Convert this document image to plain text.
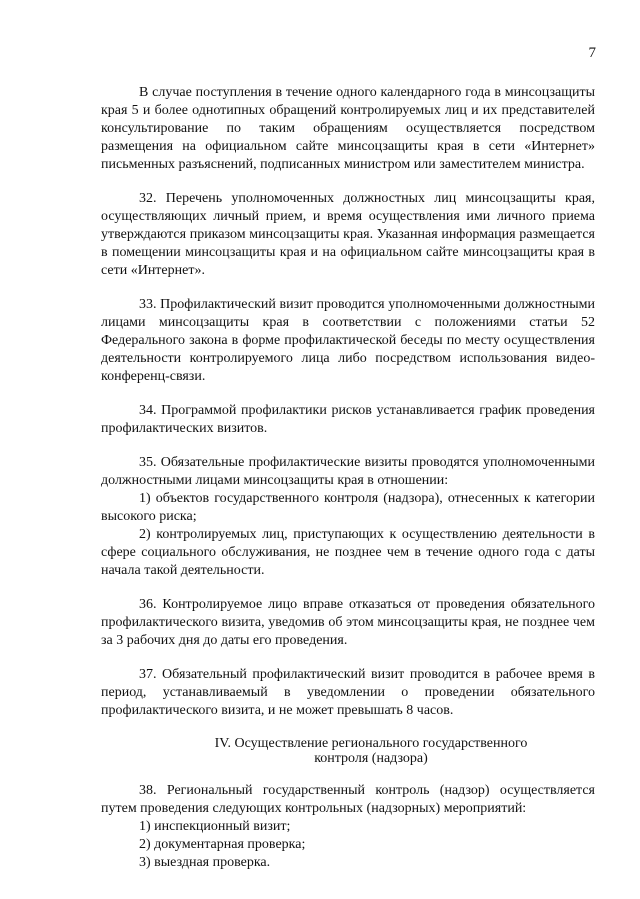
7

В случае поступления в течение одного календарного года в минсоцзащиты края 5 и более однотипных обращений контролируемых лиц и их представителей консультирование по таким обращениям осуществляется посредством размещения на официальном сайте минсоцзащиты края в сети «Интернет» письменных разъяснений, подписанных министром или заместителем министра.

32. Перечень уполномоченных должностных лиц минсоцзащиты края, осуществляющих личный прием, и время осуществления ими личного приема утверждаются приказом минсоцзащиты края. Указанная информация размещается в помещении минсоцзащиты края и на официальном сайте минсоцзащиты края в сети «Интернет».

33. Профилактический визит проводится уполномоченными должностными лицами минсоцзащиты края в соответствии с положениями статьи 52 Федерального закона в форме профилактической беседы по месту осуществления деятельности контролируемого лица либо посредством использования видео-конференц-связи.

34. Программой профилактики рисков устанавливается график проведения профилактических визитов.

35. Обязательные профилактические визиты проводятся уполномоченными должностными лицами минсоцзащиты края в отношении:

1) объектов государственного контроля (надзора), отнесенных к категории высокого риска;

2) контролируемых лиц, приступающих к осуществлению деятельности в сфере социального обслуживания, не позднее чем в течение одного года с даты начала такой деятельности.

36. Контролируемое лицо вправе отказаться от проведения обязательного профилактического визита, уведомив об этом минсоцзащиты края, не позднее чем за 3 рабочих дня до даты его проведения.

37. Обязательный профилактический визит проводится в рабочее время в период, устанавливаемый в уведомлении о проведении обязательного профилактического визита, и не может превышать 8 часов.

IV. Осуществление регионального государственного

контроля (надзора)

38. Региональный государственный контроль (надзор) осуществляется путем проведения следующих контрольных (надзорных) мероприятий:

1) инспекционный визит;

2) документарная проверка;

3) выездная проверка.
